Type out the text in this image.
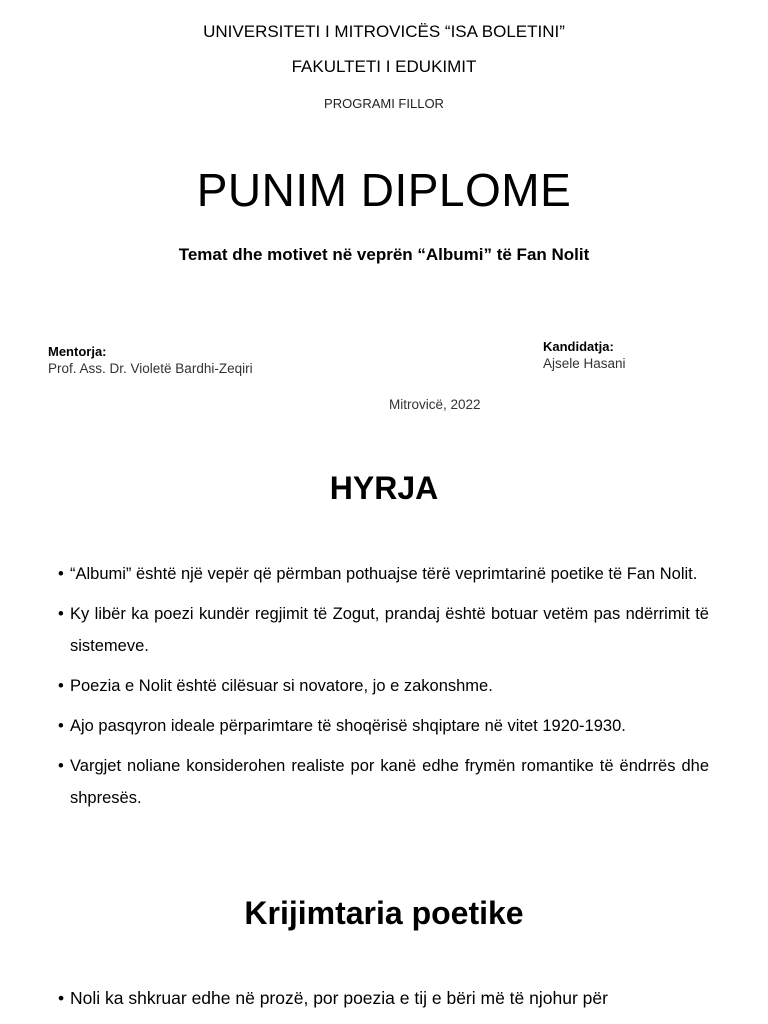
UNIVERSITETI I MITROVICËS “ISA BOLETINI”
FAKULTETI I EDUKIMIT
PROGRAMI FILLOR
PUNIM DIPLOME
Temat dhe motivet në veprën “Albumi” të Fan Nolit
Mentorja:
Prof. Ass. Dr. Violetë Bardhi-Zeqiri
Kandidatja:
Ajsele Hasani
Mitrovicë, 2022
HYRJA
• “Albumi” është një vepër që përmban pothuajse tërë veprimtarinë poetike të Fan Nolit.
• Ky libër ka poezi kundër regjimit të Zogut, prandaj është botuar vetëm pas ndërrimit të sistemeve.
• Poezia e Nolit është cilësuar si novatore, jo e zakonshme.
• Ajo pasqyron ideale përparimtare të shoqërisë shqiptare në vitet 1920-1930.
• Vargjet noliane konsiderohen realiste por kanë edhe frymën romantike të ëndrrës dhe shpresës.
Krijimtaria poetike
• Noli ka shkruar edhe në prozë, por poezia e tij e bëri më të njohur për
